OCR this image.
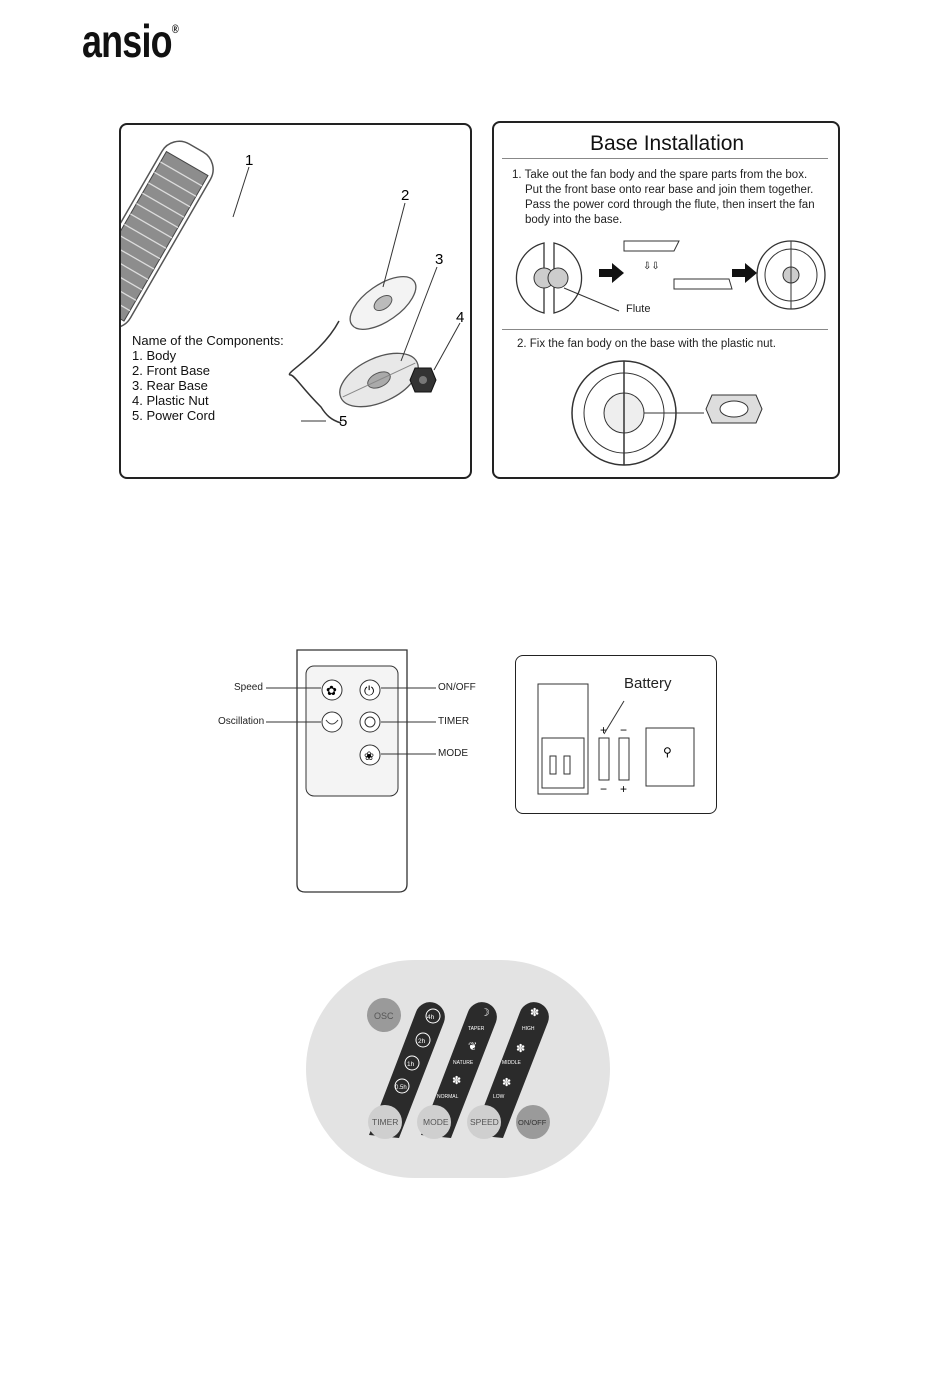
ansio®
1
2
3
4
5
Name of the Components:
1. Body
2. Front Base
3. Rear Base
4. Plastic Nut
5. Power Cord
Base Installation
1. Take out the fan body and the spare parts from the box.
Put the front base onto rear base and join them together.
Pass the power cord through the flute, then insert the fan
body into the base.
⇩⇩
Flute
2. Fix the fan body on the base with the plastic nut.
✿ ⏻
❀
Speed
Oscillation
ON/OFF
TIMER
MODE
+ −
− +
⚲
Battery
☽
❦
✽
✽
✽
✽
OSC	4h
2h
1h
0.5h
TAPER
NATURE
NORMAL
HIGH
MIDDLE
LOW
TIMER	MODE	SPEED	ON/OFF
